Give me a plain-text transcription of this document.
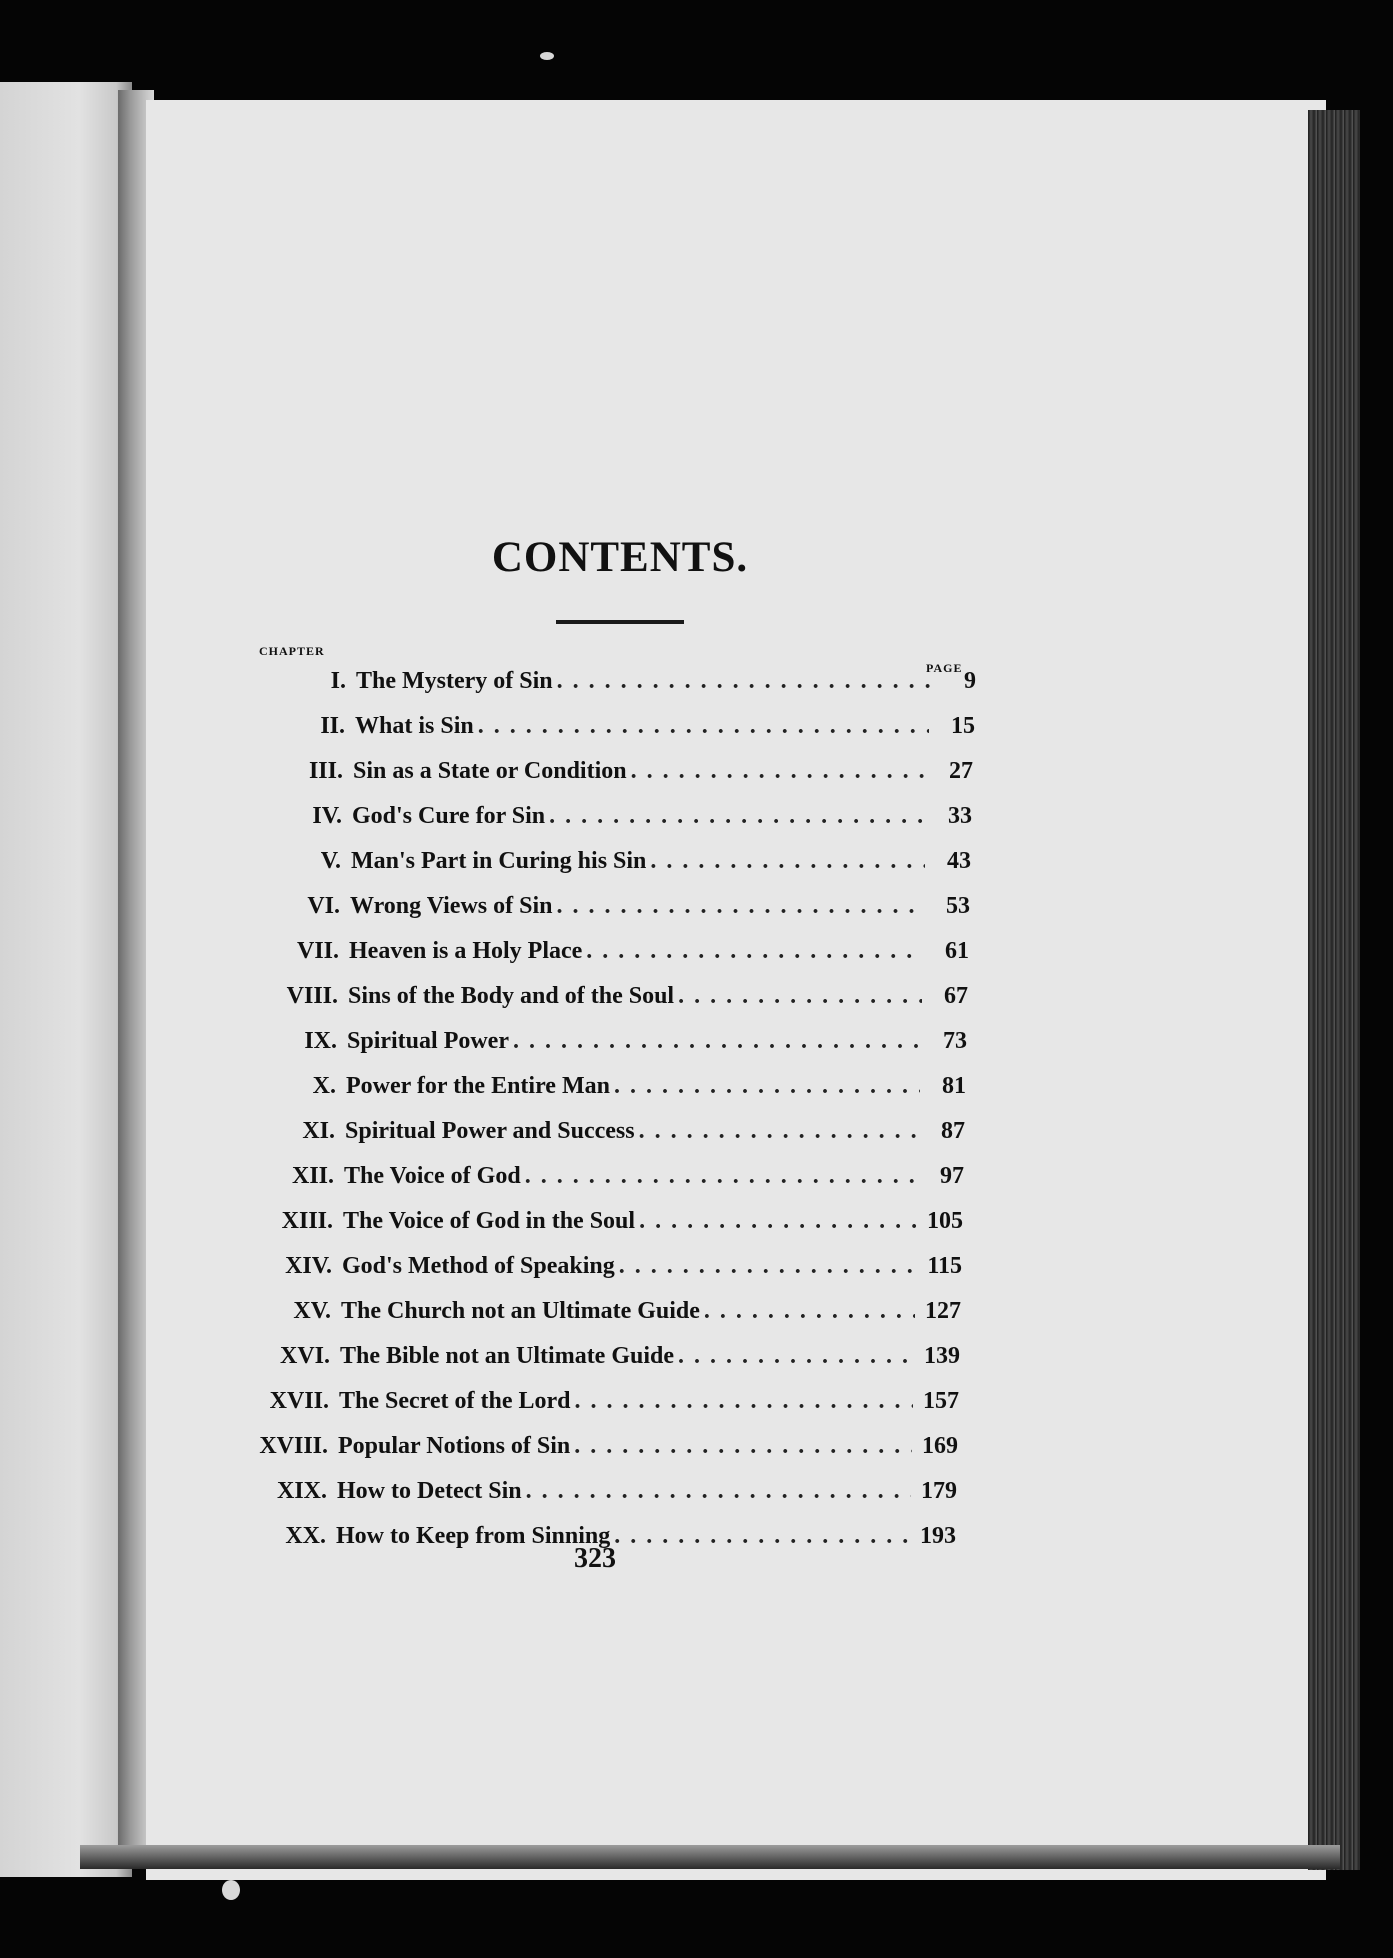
CONTENTS.
CHAPTER
PAGE
I. The Mystery of Sin . . .	9
II. What is Sin . . .	15
III. Sin as a State or Condition . . .	27
IV. God's Cure for Sin . . .	33
V. Man's Part in Curing his Sin . . .	43
VI. Wrong Views of Sin . . .	53
VII. Heaven is a Holy Place . . .	61
VIII. Sins of the Body and of the Soul . . .	67
IX. Spiritual Power . . .	73
X. Power for the Entire Man . . .	81
XI. Spiritual Power and Success . . .	87
XII. The Voice of God . . .	97
XIII. The Voice of God in the Soul . . .	105
XIV. God's Method of Speaking . . .	115
XV. The Church not an Ultimate Guide . . .	127
XVI. The Bible not an Ultimate Guide . . .	139
XVII. The Secret of the Lord . . .	157
XVIII. Popular Notions of Sin . . .	169
XIX. How to Detect Sin . . .	179
XX. How to Keep from Sinning . . .	193
323
